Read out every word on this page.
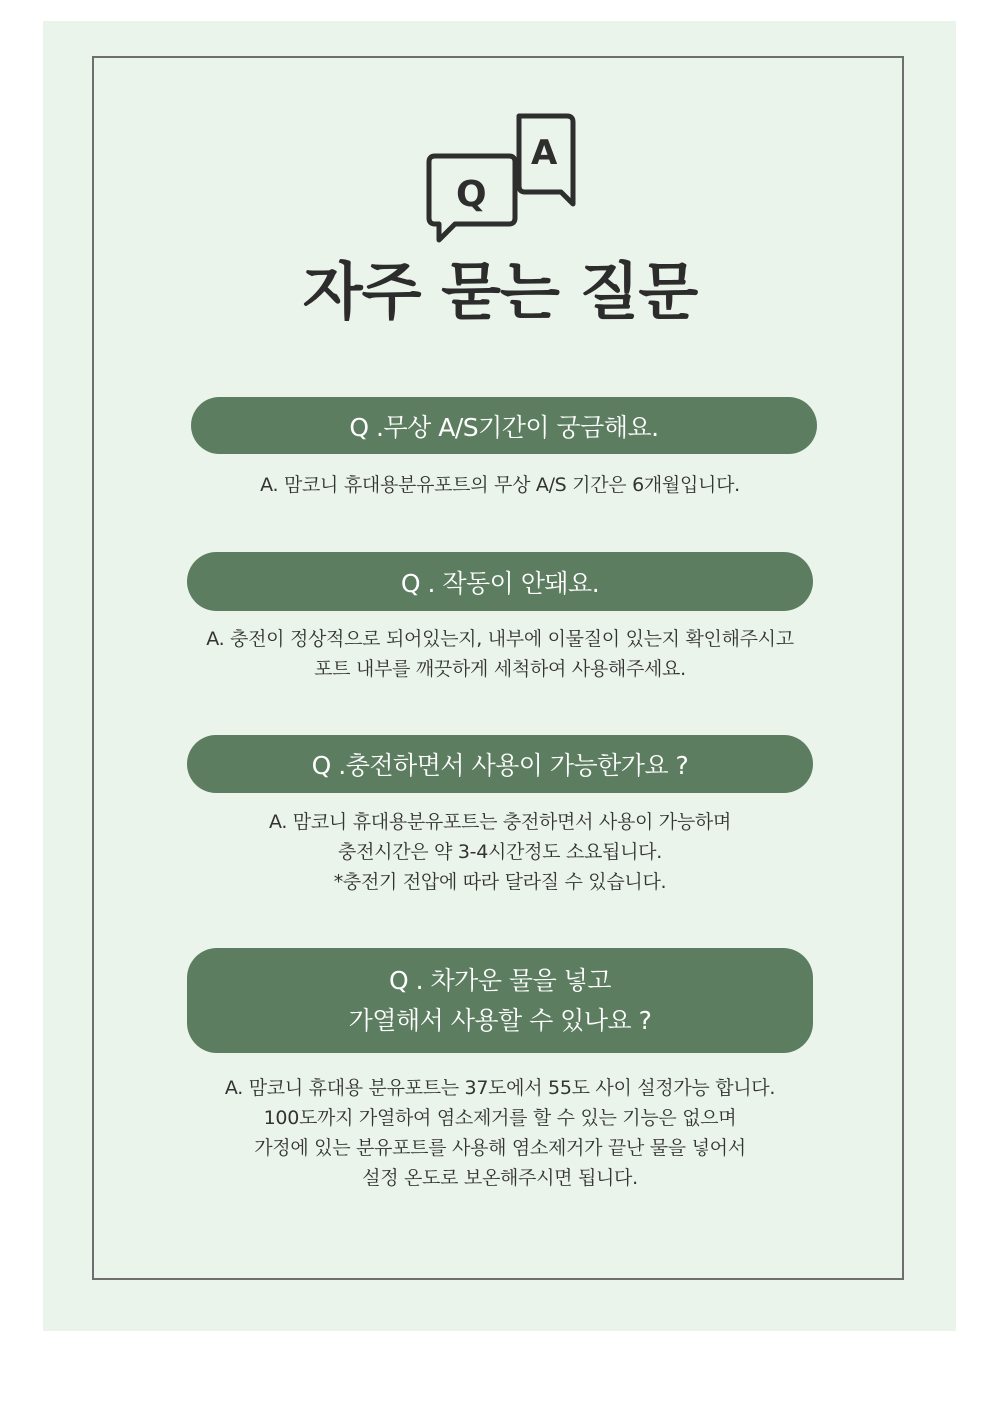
A
Q
자주 묻는 질문
Q .무상 A/S기간이 궁금해요.
A. 맘코니 휴대용분유포트의 무상 A/S 기간은 6개월입니다.
Q . 작동이 안돼요.
A. 충전이 정상적으로 되어있는지, 내부에 이물질이 있는지 확인해주시고
포트 내부를 깨끗하게 세척하여 사용해주세요.
Q .충전하면서 사용이 가능한가요 ?
A. 맘코니 휴대용분유포트는 충전하면서 사용이 가능하며
충전시간은 약 3-4시간정도 소요됩니다.
*충전기 전압에 따라 달라질 수 있습니다.
Q . 차가운 물을 넣고
가열해서 사용할 수 있나요 ?
A. 맘코니 휴대용 분유포트는 37도에서 55도 사이 설정가능 합니다.
100도까지 가열하여 염소제거를 할 수 있는 기능은 없으며
가정에 있는 분유포트를 사용해 염소제거가 끝난 물을 넣어서
설정 온도로 보온해주시면 됩니다.
